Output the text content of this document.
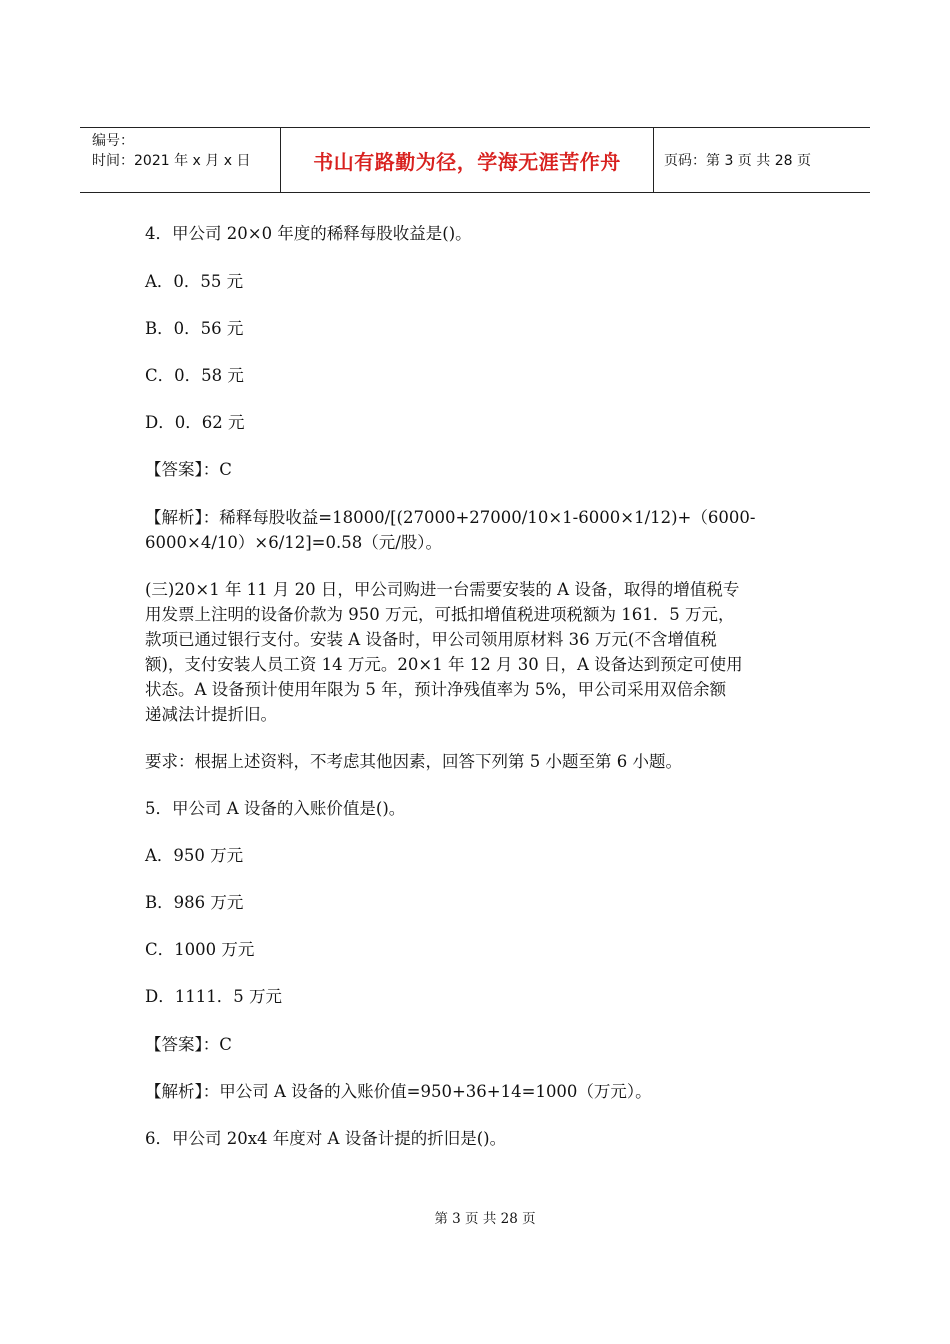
编号：
时间：2021 年 x 月 x 日	书山有路勤为径，学海无涯苦作舟	页码：第 3 页 共 28 页
4．甲公司 20×0 年度的稀释每股收益是()。
A．0．55 元
B．0．56 元
C．0．58 元
D．0．62 元
【答案】：C
【解析】：稀释每股收益=18000/[(27000+27000/10×1-6000×1/12)+（6000-
6000×4/10）×6/12]=0.58（元/股）。
(三)20×1 年 11 月 20 日，甲公司购进一台需要安装的 A 设备，取得的增值税专
用发票上注明的设备价款为 950 万元，可抵扣增值税进项税额为 161．5 万元，
款项已通过银行支付。安装 A 设备时，甲公司领用原材料 36 万元(不含增值税
额)，支付安装人员工资 14 万元。20×1 年 12 月 30 日，A 设备达到预定可使用
状态。A 设备预计使用年限为 5 年，预计净残值率为 5%，甲公司采用双倍余额
递减法计提折旧。
要求：根据上述资料，不考虑其他因素，回答下列第 5 小题至第 6 小题。
5．甲公司 A 设备的入账价值是()。
A．950 万元
B．986 万元
C．1000 万元
D．1111．5 万元
【答案】：C
【解析】：甲公司 A 设备的入账价值=950+36+14=1000（万元）。
6．甲公司 20x4 年度对 A 设备计提的折旧是()。
第 3 页 共 28 页
